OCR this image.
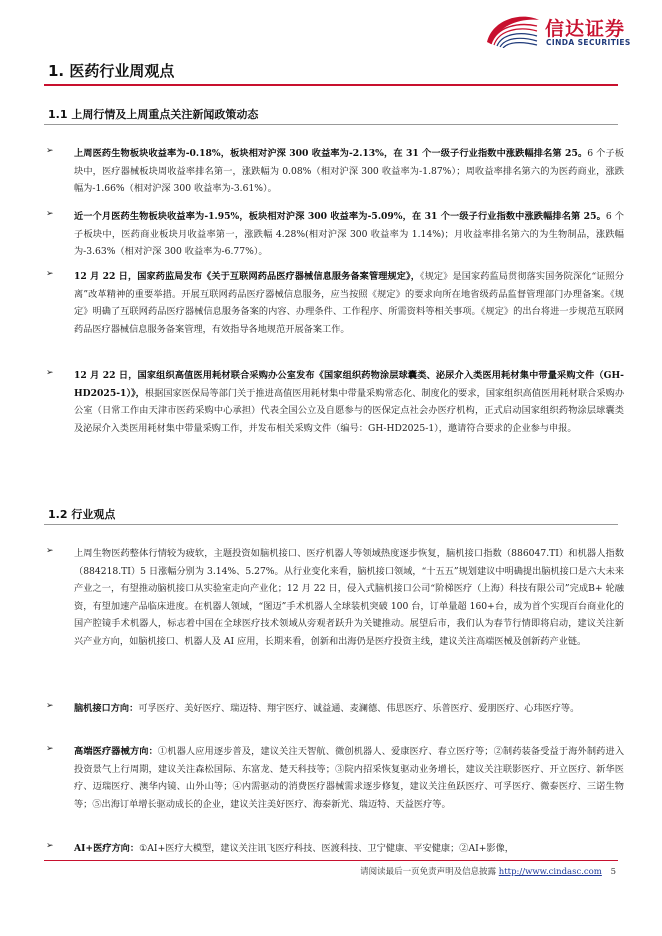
信达证券
CINDA SECURITIES
1. 医药行业周观点
1.1 上周行情及上周重点关注新闻政策动态
➢ 上周医药生物板块收益率为-0.18%，板块相对沪深 300 收益率为-2.13%，在 31 个一级子行业指数中涨跌幅排名第 25。6 个子板块中，医疗器械板块周收益率排名第一，涨跌幅为 0.08%（相对沪深 300 收益率为-1.87%）；周收益率排名第六的为医药商业，涨跌幅为-1.66%（相对沪深 300 收益率为-3.61%）。
➢ 近一个月医药生物板块收益率为-1.95%，板块相对沪深 300 收益率为-5.09%，在 31 个一级子行业指数中涨跌幅排名第 25。6 个子板块中，医药商业板块月收益率第一，涨跌幅 4.28%(相对沪深 300 收益率为 1.14%)；月收益率排名第六的为生物制品，涨跌幅为-3.63%（相对沪深 300 收益率为-6.77%）。
➢ 12 月 22 日，国家药监局发布《关于互联网药品医疗器械信息服务备案管理规定》，《规定》是国家药监局贯彻落实国务院深化“证照分离”改革精神的重要举措。开展互联网药品医疗器械信息服务，应当按照《规定》的要求向所在地省级药品监督管理部门办理备案。《规定》明确了互联网药品医疗器械信息服务备案的内容、办理条件、工作程序、所需资料等相关事项。《规定》的出台将进一步规范互联网药品医疗器械信息服务备案管理，有效指导各地规范开展备案工作。
➢ 12 月 22 日，国家组织高值医用耗材联合采购办公室发布《国家组织药物涂层球囊类、泌尿介入类医用耗材集中带量采购文件（GH-HD2025-1）》，根据国家医保局等部门关于推进高值医用耗材集中带量采购常态化、制度化的要求，国家组织高值医用耗材联合采购办公室（日常工作由天津市医药采购中心承担）代表全国公立及自愿参与的医保定点社会办医疗机构，正式启动国家组织药物涂层球囊类及泌尿介入类医用耗材集中带量采购工作，并发布相关采购文件（编号：GH-HD2025-1），邀请符合要求的企业参与申报。
1.2 行业观点
➢ 上周生物医药整体行情较为疲软，主题投资如脑机接口、医疗机器人等领域热度逐步恢复，脑机接口指数（886047.TI）和机器人指数（884218.TI）5 日涨幅分别为 3.14%、5.27%。从行业变化来看，脑机接口领域，“十五五”规划建议中明确提出脑机接口是六大未来产业之一，有望推动脑机接口从实验室走向产业化；12 月 22 日，侵入式脑机接口公司“阶梯医疗（上海）科技有限公司”完成B+ 轮融资，有望加速产品临床进度。在机器人领域，“图迈”手术机器人全球装机突破 100 台，订单量超 160+台，成为首个实现百台商业化的国产腔镜手术机器人，标志着中国在全球医疗技术领域从旁观者跃升为关键推动。展望后市，我们认为春节行情即将启动，建议关注新兴产业方向，如脑机接口、机器人及 AI 应用，长期来看，创新和出海仍是医疗投资主线，建议关注高端医械及创新药产业链。
➢ 脑机接口方向：可孚医疗、美好医疗、瑞迈特、翔宇医疗、诚益通、麦澜德、伟思医疗、乐普医疗、爱朋医疗、心玮医疗等。
➢ 高端医疗器械方向：①机器人应用逐步普及，建议关注天智航、微创机器人、爱康医疗、春立医疗等；②制药装备受益于海外制药进入投资景气上行周期，建议关注森松国际、东富龙、楚天科技等；③院内招采恢复驱动业务增长，建议关注联影医疗、开立医疗、新华医疗、迈瑞医疗、澳华内镜、山外山等；④内需驱动的消费医疗器械需求逐步修复，建议关注鱼跃医疗、可孚医疗、微泰医疗、三诺生物等；⑤出海订单增长驱动成长的企业，建议关注美好医疗、海泰新光、瑞迈特、天益医疗等。
➢ AI+医疗方向：①AI+医疗大模型，建议关注讯飞医疗科技、医渡科技、卫宁健康、平安健康；②AI+影像，
请阅读最后一页免责声明及信息披露 http://www.cindasc.com 5
